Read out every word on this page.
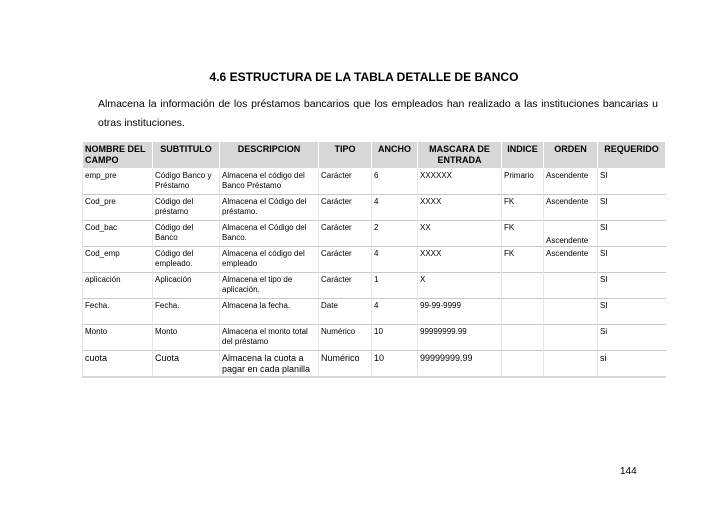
4.6 ESTRUCTURA DE LA TABLA DETALLE DE BANCO
Almacena la información de los préstamos bancarios que los empleados han realizado a las instituciones bancarias u otras instituciones.
NOMBRE DEL CAMPO	SUBTITULO	DESCRIPCION	TIPO	ANCHO	MASCARA DE ENTRADA	INDICE	ORDEN	REQUERIDO
emp_pre	Código Banco y Préstamo	Almacena el código del Banco Préstamo	Carácter	6	XXXXXX	Primario	Ascendente	SI
Cod_pre	Código del préstamo	Almacena el Código del préstamo.	Carácter	4	XXXX	FK	Ascendente	SI
Cod_bac	Código del Banco	Almacena el Código del Banco.	Carácter	2	XX	FK	Ascendente	SI
Cod_emp	Código del empleado.	Almacena el código del empleado	Carácter	4	XXXX	FK	Ascendente	SI
aplicación	Aplicación	Almacena el tipo de aplicación.	Carácter	1	X			SI
Fecha.	Fecha.	Almacena la fecha.	Date	4	99-99-9999			SI
Monto	Monto	Almacena el monto total del préstamo	Numérico	10	99999999.99			Si
cuota	Cuota	Almacena la cuota a pagar en cada planilla	Numérico	10	99999999.99			si
144
